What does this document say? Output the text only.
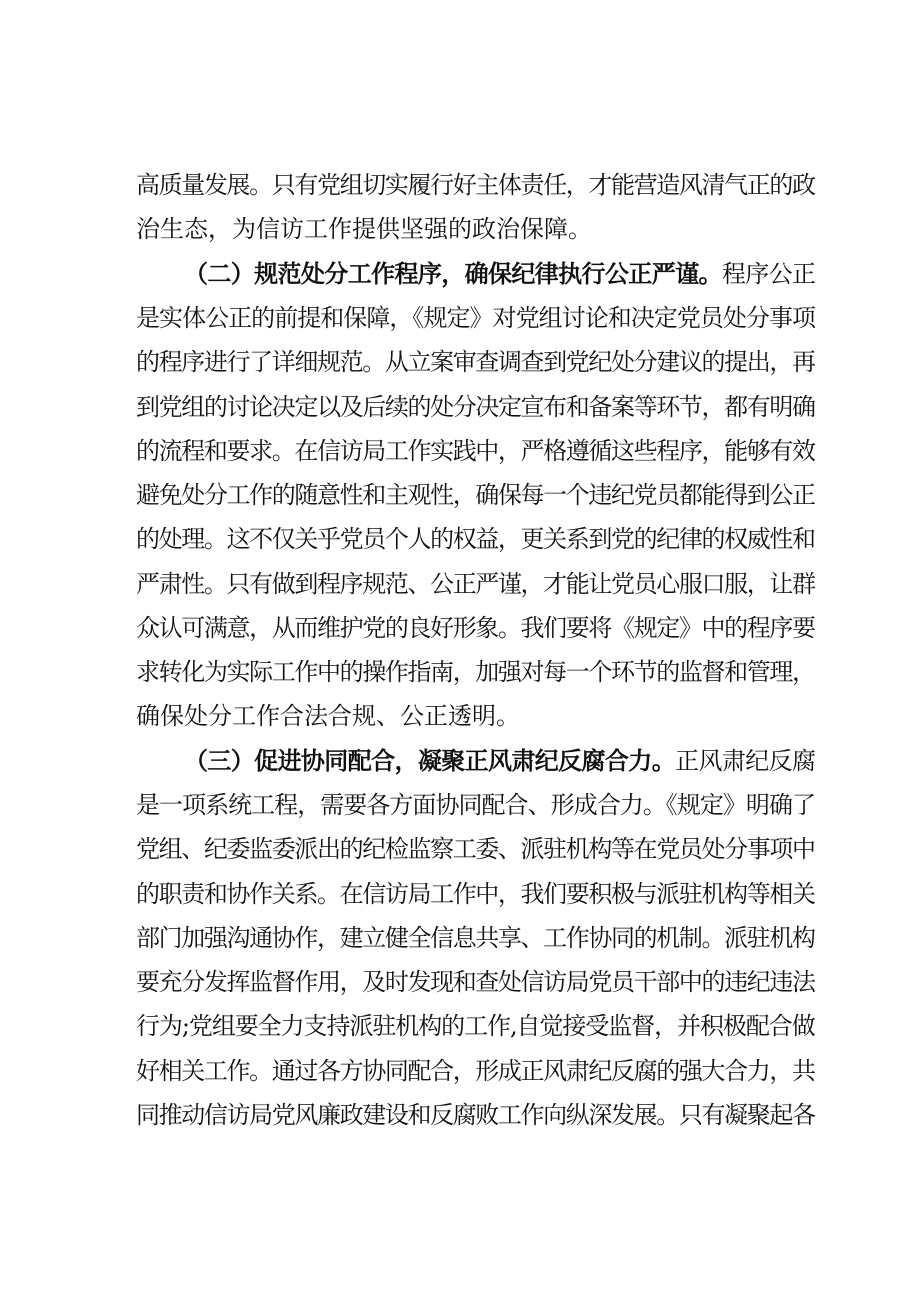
高质量发展。只有党组切实履行好主体责任，才能营造风清气正的政
治生态，为信访工作提供坚强的政治保障。
（二）规范处分工作程序，确保纪律执行公正严谨。程序公正
是实体公正的前提和保障，《规定》对党组讨论和决定党员处分事项
的程序进行了详细规范。从立案审查调查到党纪处分建议的提出，再
到党组的讨论决定以及后续的处分决定宣布和备案等环节，都有明确
的流程和要求。在信访局工作实践中，严格遵循这些程序，能够有效
避免处分工作的随意性和主观性，确保每一个违纪党员都能得到公正
的处理。这不仅关乎党员个人的权益，更关系到党的纪律的权威性和
严肃性。只有做到程序规范、公正严谨，才能让党员心服口服，让群
众认可满意，从而维护党的良好形象。我们要将《规定》中的程序要
求转化为实际工作中的操作指南，加强对每一个环节的监督和管理，
确保处分工作合法合规、公正透明。
（三）促进协同配合，凝聚正风肃纪反腐合力。正风肃纪反腐
是一项系统工程，需要各方面协同配合、形成合力。《规定》明确了
党组、纪委监委派出的纪检监察工委、派驻机构等在党员处分事项中
的职责和协作关系。在信访局工作中，我们要积极与派驻机构等相关
部门加强沟通协作，建立健全信息共享、工作协同的机制。派驻机构
要充分发挥监督作用，及时发现和查处信访局党员干部中的违纪违法
行为;党组要全力支持派驻机构的工作,自觉接受监督，并积极配合做
好相关工作。通过各方协同配合，形成正风肃纪反腐的强大合力，共
同推动信访局党风廉政建设和反腐败工作向纵深发展。只有凝聚起各
